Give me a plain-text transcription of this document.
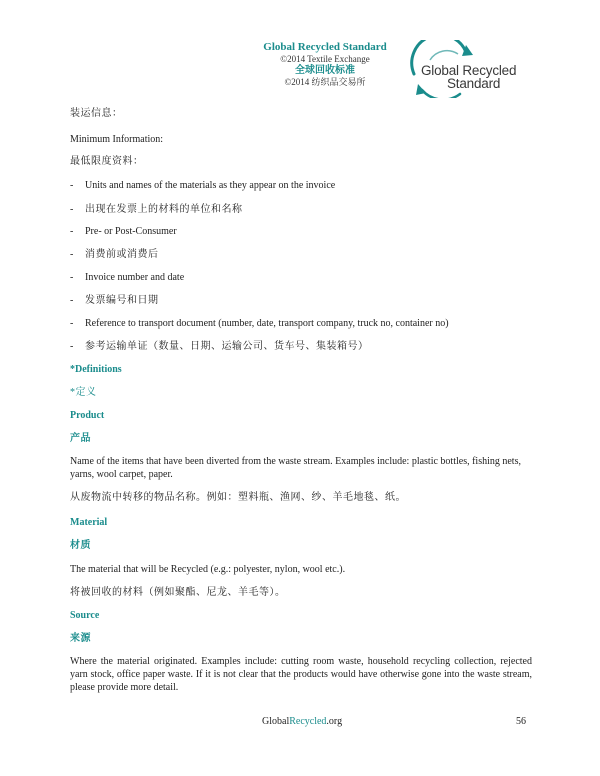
Global Recycled Standard
©2014 Textile Exchange
全球回收标准
©2014 纺织品交易所
Global Recycled
Standard
装运信息：
Minimum Information:
最低限度资料：
- Units and names of the materials as they appear on the invoice
- 出现在发票上的材料的单位和名称
- Pre- or Post-Consumer
- 消费前或消费后
- Invoice number and date
- 发票编号和日期
- Reference to transport document (number, date, transport company, truck no, container no)
- 参考运输单证（数量、日期、运输公司、货车号、集装箱号）
*Definitions
*定义
Product
产品
Name of the items that have been diverted from the waste stream. Examples include: plastic bottles, fishing nets, yarns, wool carpet, paper.
从废物流中转移的物品名称。例如：塑料瓶、渔网、纱、羊毛地毯、纸。
Material
材质
The material that will be Recycled (e.g.: polyester, nylon, wool etc.).
将被回收的材料（例如聚酯、尼龙、羊毛等）。
Source
来源
Where the material originated. Examples include: cutting room waste, household recycling collection, rejected yarn stock, office paper waste. If it is not clear that the products would have otherwise gone into the waste stream, please provide more detail.
GlobalRecycled.org	56
